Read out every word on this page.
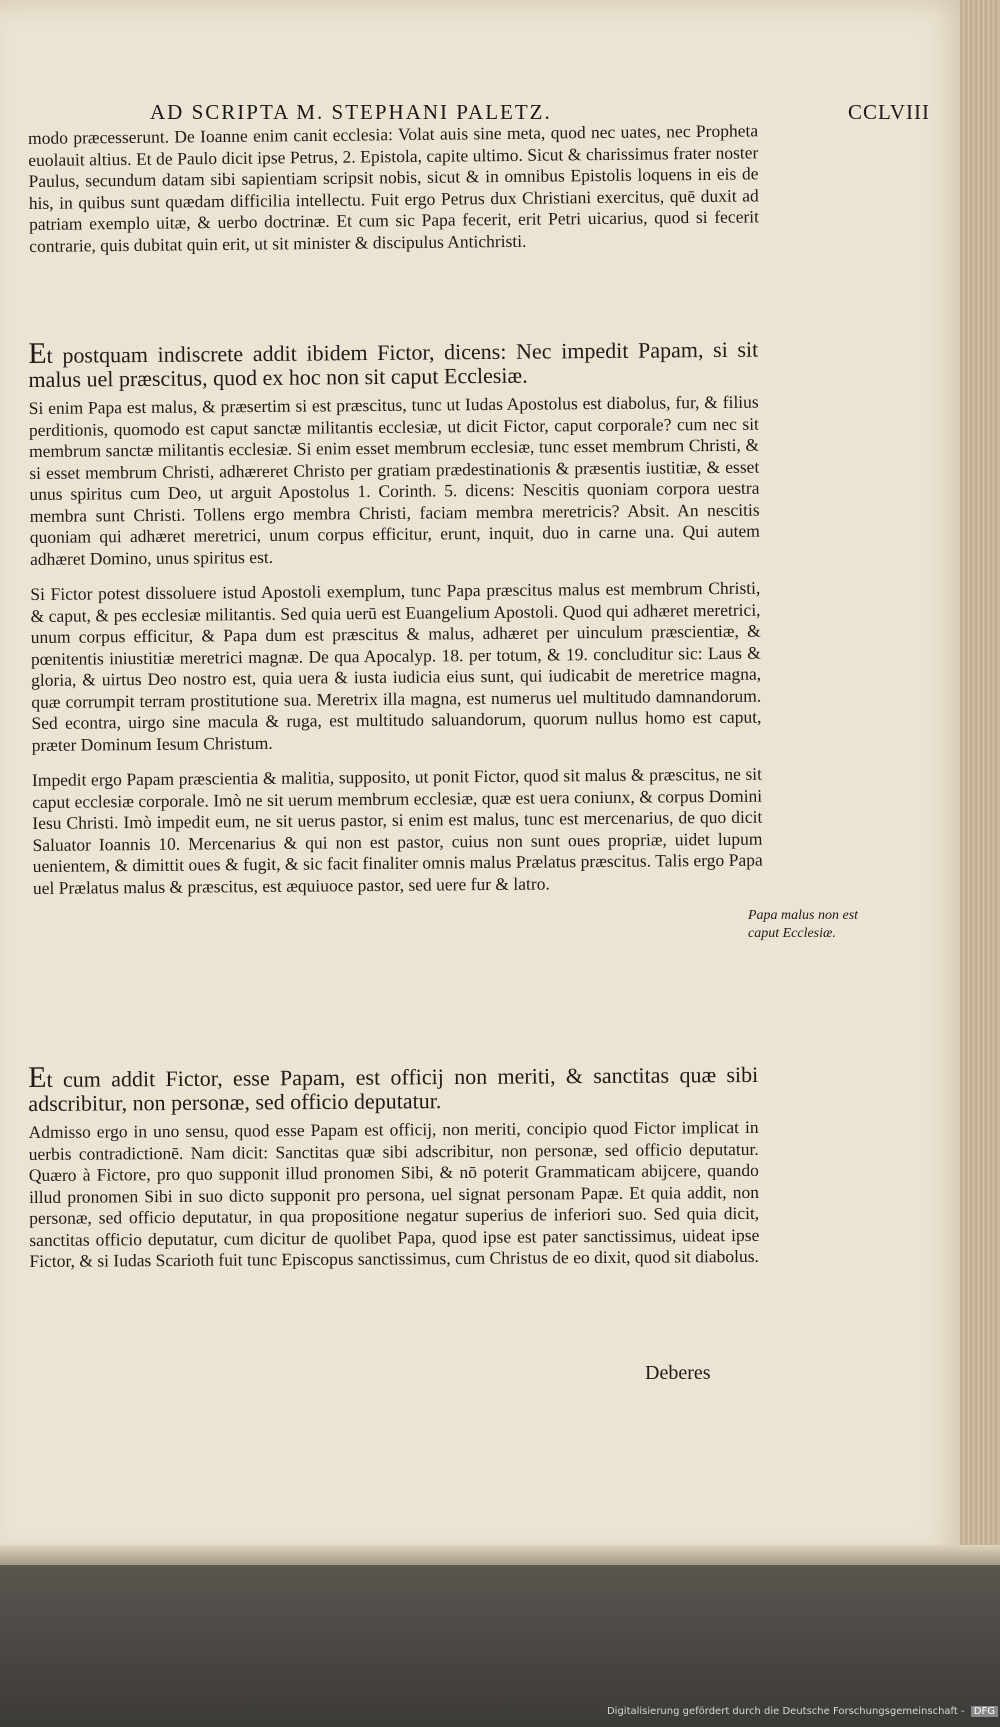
AD SCRIPTA M. STEPHANI PALETZ.	CCLVIII

modo præcesserunt. De Ioanne enim canit ecclesia: Volat auis sine meta, quod nec uates, nec Propheta euolauit altius. Et de Paulo dicit ipse Petrus, 2. Epistola, capite ultimo. Sicut & charissimus frater noster Paulus, secundum datam sibi sapientiam scripsit nobis, sicut & in omnibus Epistolis loquens in eis de his, in quibus sunt quædam difficilia intellectu. Fuit ergo Petrus dux Christiani exercitus, quē duxit ad patriam exemplo uitæ, & uerbo doctrinæ. Et cum sic Papa fecerit, erit Petri uicarius, quod si fecerit contrarie, quis dubitat quin erit, ut sit minister & discipulus Antichristi.

Et postquam indiscrete addit ibidem Fictor, dicens: Nec impedit Papam, si sit malus uel præscitus, quod ex hoc non sit caput Ecclesiæ.

Si enim Papa est malus, & præsertim si est præscitus, tunc ut Iudas Apostolus est diabolus, fur, & filius perditionis, quomodo est caput sanctæ militantis ecclesiæ, ut dicit Fictor, caput corporale? cum nec sit membrum sanctæ militantis ecclesiæ. Si enim esset membrum ecclesiæ, tunc esset membrum Christi, & si esset membrum Christi, adhæreret Christo per gratiam prædestinationis & præsentis iustitiæ, & esset unus spiritus cum Deo, ut arguit Apostolus 1. Corinth. 5. dicens: Nescitis quoniam corpora uestra membra sunt Christi. Tollens ergo membra Christi, faciam membra meretricis? Absit. An nescitis quoniam qui adhæret meretrici, unum corpus efficitur, erunt, inquit, duo in carne una. Qui autem adhæret Domino, unus spiritus est.

Si Fictor potest dissoluere istud Apostoli exemplum, tunc Papa præscitus malus est membrum Christi, & caput, & pes ecclesiæ militantis. Sed quia uerū est Euangelium Apostoli. Quod qui adhæret meretrici, unum corpus efficitur, & Papa dum est præscitus & malus, adhæret per uinculum præscientiæ, & pœnitentis iniustitiæ meretrici magnæ. De qua Apocalyp. 18. per totum, & 19. concluditur sic: Laus & gloria, & uirtus Deo nostro est, quia uera & iusta iudicia eius sunt, qui iudicabit de meretrice magna, quæ corrumpit terram prostitutione sua. Meretrix illa magna, est numerus uel multitudo damnandorum. Sed econtra, uirgo sine macula & ruga, est multitudo saluandorum, quorum nullus homo est caput, præter Dominum Iesum Christum.

Impedit ergo Papam præscientia & malitia, supposito, ut ponit Fictor, quod sit malus & præscitus, ne sit caput ecclesiæ corporale. Imò ne sit uerum membrum ecclesiæ, quæ est uera coniunx, & corpus Domini Iesu Christi. Imò impedit eum, ne sit uerus pastor, si enim est malus, tunc est mercenarius, de quo dicit Saluator Ioannis 10. Mercenarius & qui non est pastor, cuius non sunt oues propriæ, uidet lupum uenientem, & dimittit oues & fugit, & sic facit finaliter omnis malus Prælatus præscitus. Talis ergo Papa uel Prælatus malus & præscitus, est æquiuoce pastor, sed uere fur & latro.

Et cum addit Fictor, esse Papam, est officij non meriti, & sanctitas quæ sibi adscribitur, non personæ, sed officio deputatur.

Admisso ergo in uno sensu, quod esse Papam est officij, non meriti, concipio quod Fictor implicat in uerbis contradictionē. Nam dicit: Sanctitas quæ sibi adscribitur, non personæ, sed officio deputatur. Quæro à Fictore, pro quo supponit illud pronomen Sibi, & nō poterit Grammaticam abijcere, quando illud pronomen Sibi in suo dicto supponit pro persona, uel signat personam Papæ. Et quia addit, non personæ, sed officio deputatur, in qua propositione negatur superius de inferiori suo. Sed quia dicit, sanctitas officio deputatur, cum dicitur de quolibet Papa, quod ipse est pater sanctissimus, uideat ipse Fictor, & si Iudas Scarioth fuit tunc Episcopus sanctissimus, cum Christus de eo dixit, quod sit diabolus.

Papa malus non est caput Ecclesiæ.
Deberes
Digitalisierung gefördert durch die Deutsche Forschungsgemeinschaft - DFG
